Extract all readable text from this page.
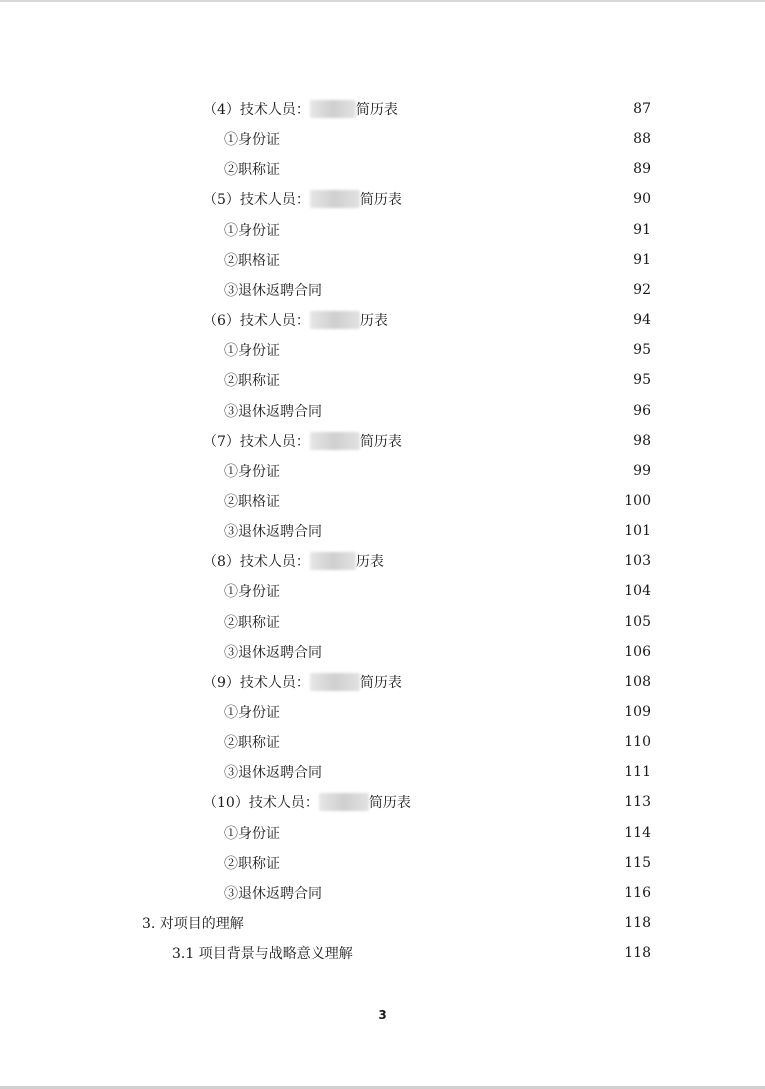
（4）技术人员：	简历表	87
①身份证	88
②职称证	89
（5）技术人员：	简历表	90
①身份证	91
②职格证	91
③退休返聘合同	92
（6）技术人员：	历表	94
①身份证	95
②职称证	95
③退休返聘合同	96
（7）技术人员：	简历表	98
①身份证	99
②职格证	100
③退休返聘合同	101
（8）技术人员：	历表	103
①身份证	104
②职称证	105
③退休返聘合同	106
（9）技术人员：	简历表	108
①身份证	109
②职称证	110
③退休返聘合同	111
（10）技术人员：	简历表	113
①身份证	114
②职称证	115
③退休返聘合同	116
3. 对项目的理解	118
3.1 项目背景与战略意义理解	118
3
